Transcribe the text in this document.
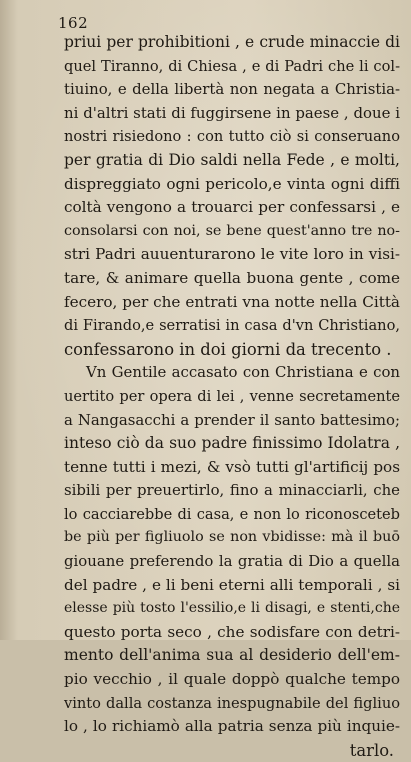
162
priui per prohibitioni , e crude minaccie di
quel Tiranno, di Chiesa , e di Padri che li col-
tiuino, e della libertà non negata a Christia-
ni d'altri stati di fuggirsene in paese , doue i
nostri risiedono : con tutto ciò si conseruano
per gratia di Dio saldi nella Fede , e molti,
dispreggiato ogni pericolo,e vinta ogni diffi
coltà vengono a trouarci per confessarsi , e
consolarsi con noi, se bene quest'anno tre no-
stri Padri auuenturarono le vite loro in visi-
tare, & animare quella buona gente , come
fecero, per che entrati vna notte nella Città
di Firando,e serratisi in casa d'vn Christiano,
confessarono in doi giorni da trecento .
Vn Gentile accasato con Christiana e con
uertito per opera di lei , venne secretamente
a Nangasacchi a prender il santo battesimo;
inteso ciò da suo padre finissimo Idolatra ,
tenne tutti i mezi, & vsò tutti gl'artificij pos
sibili per preuertirlo, fino a minacciarli, che
lo cacciarebbe di casa, e non lo riconosceteb
be più per figliuolo se non vbidisse: mà il buō
giouane preferendo la gratia di Dio a quella
del padre , e li beni eterni alli temporali , si
elesse più tosto l'essilio,e li disagi, e stenti,che
questo porta seco , che sodisfare con detri-
mento dell'anima sua al desiderio dell'em-
pio vecchio , il quale doppò qualche tempo
vinto dalla costanza inespugnabile del figliuo
lo , lo richiamò alla patria senza più inquie-
tarlo.
